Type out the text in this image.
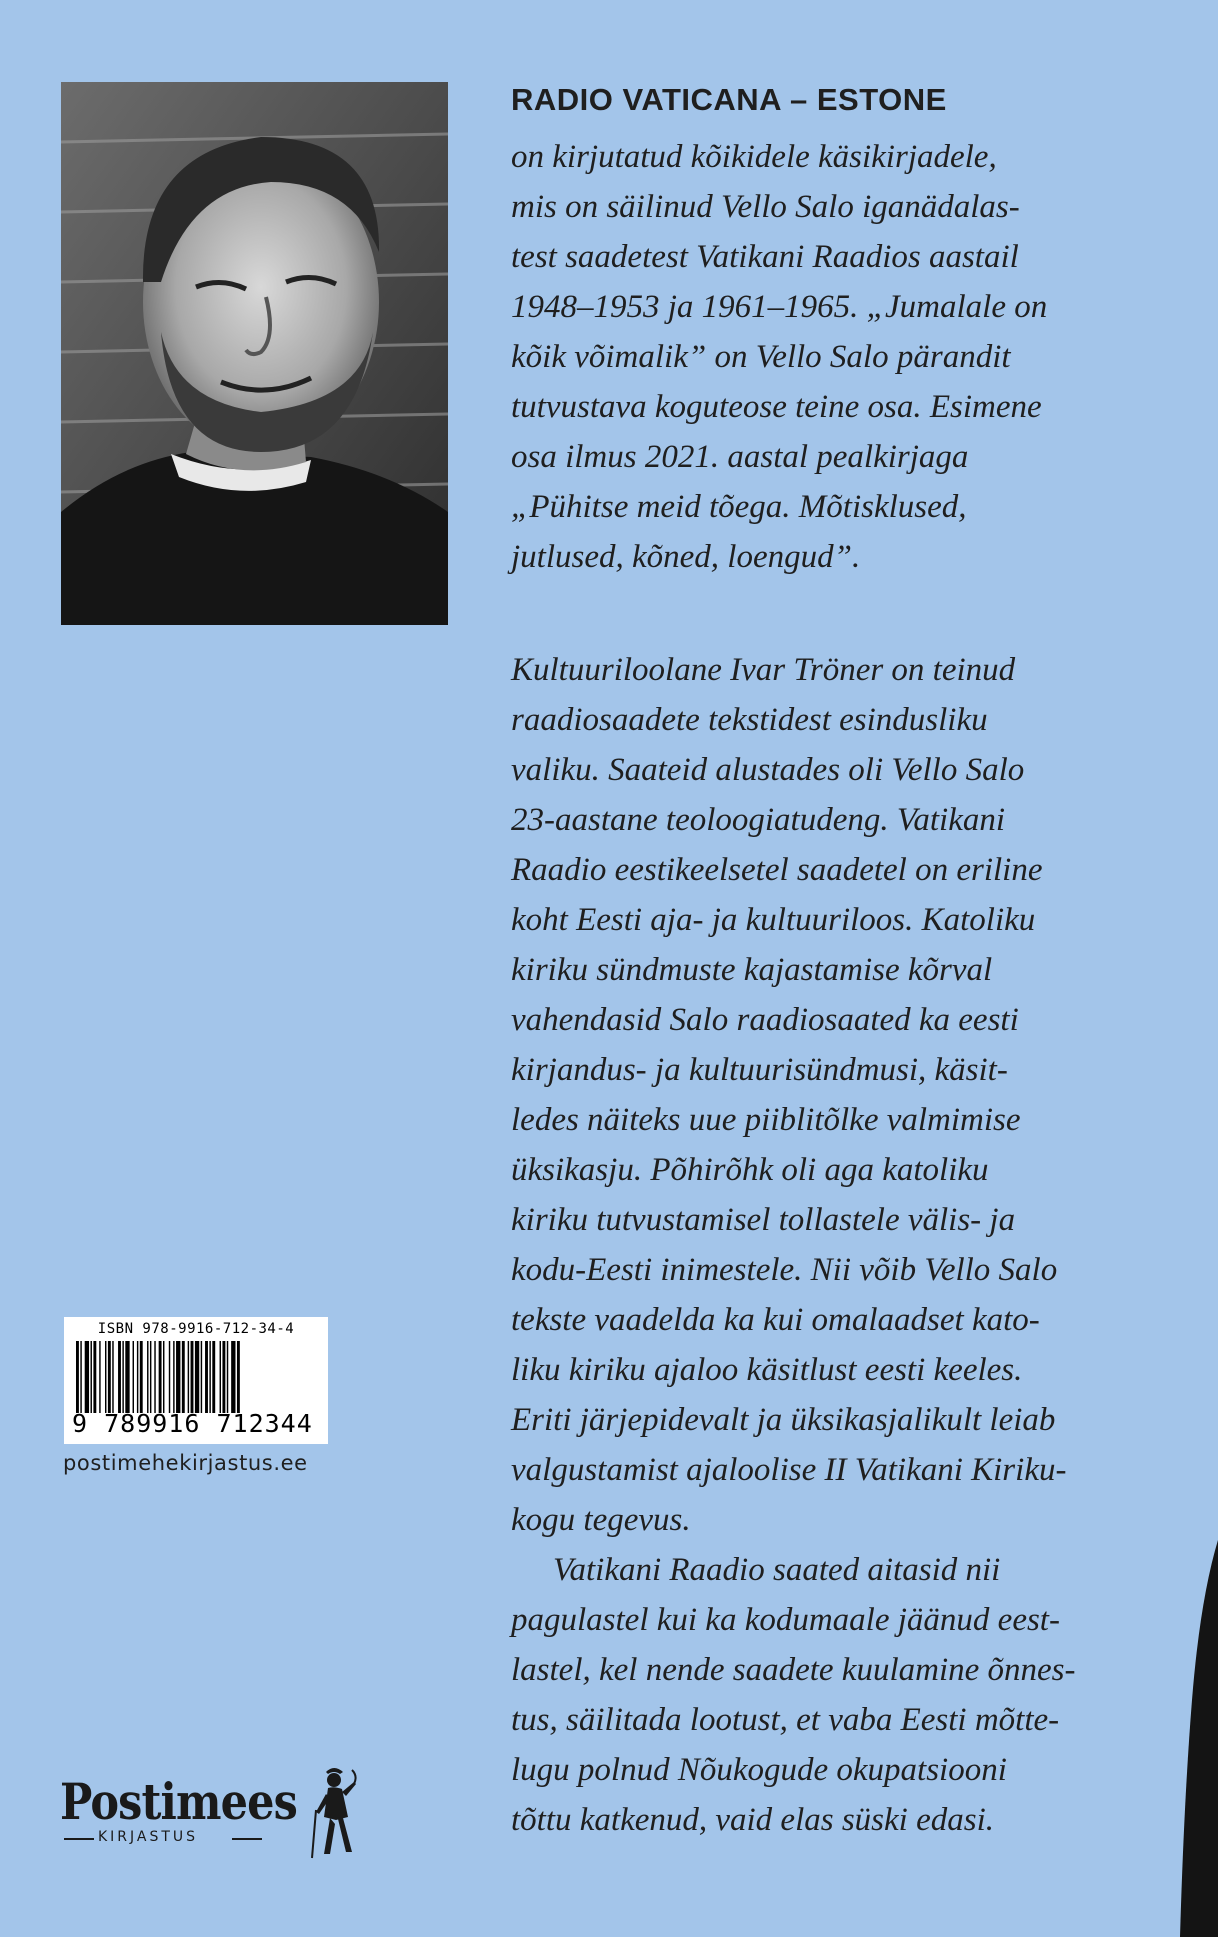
RADIO VATICANA – ESTONE

on kirjutatud kõikidele käsikirjadele,
mis on säilinud Vello Salo iganädalas-
test saadetest Vatikani Raadios aastail
1948–1953 ja 1961–1965. „Jumalale on
kõik võimalik” on Vello Salo pärandit
tutvustava koguteose teine osa. Esimene
osa ilmus 2021. aastal pealkirjaga
„Pühitse meid tõega. Mõtisklused,
jutlused, kõned, loengud”.

Kultuuriloolane Ivar Tröner on teinud
raadiosaadete tekstidest esindusliku
valiku. Saateid alustades oli Vello Salo
23-aastane teoloogiatudeng. Vatikani
Raadio eestikeelsetel saadetel on eriline
koht Eesti aja- ja kultuuriloos. Katoliku
kiriku sündmuste kajastamise kõrval
vahendasid Salo raadiosaated ka eesti
kirjandus- ja kultuurisündmusi, käsit-
ledes näiteks uue piiblitõlke valmimise
üksikasju. Põhirõhk oli aga katoliku
kiriku tutvustamisel tollastele välis- ja
kodu-Eesti inimestele. Nii võib Vello Salo
tekste vaadelda ka kui omalaadset kato-
liku kiriku ajaloo käsitlust eesti keeles.
Eriti järjepidevalt ja üksikasjalikult leiab
valgustamist ajaloolise II Vatikani Kiriku-
kogu tegevus.

Vatikani Raadio saated aitasid nii
pagulastel kui ka kodumaale jäänud eest-
lastel, kel nende saadete kuulamine õnnes-
tus, säilitada lootust, et vaba Eesti mõtte-
lugu polnud Nõukogude okupatsiooni
tõttu katkenud, vaid elas süski edasi.

ISBN 978-9916-712-34-4
9 789916 712344
postimehekirjastus.ee
Postimees
KIRJASTUS
